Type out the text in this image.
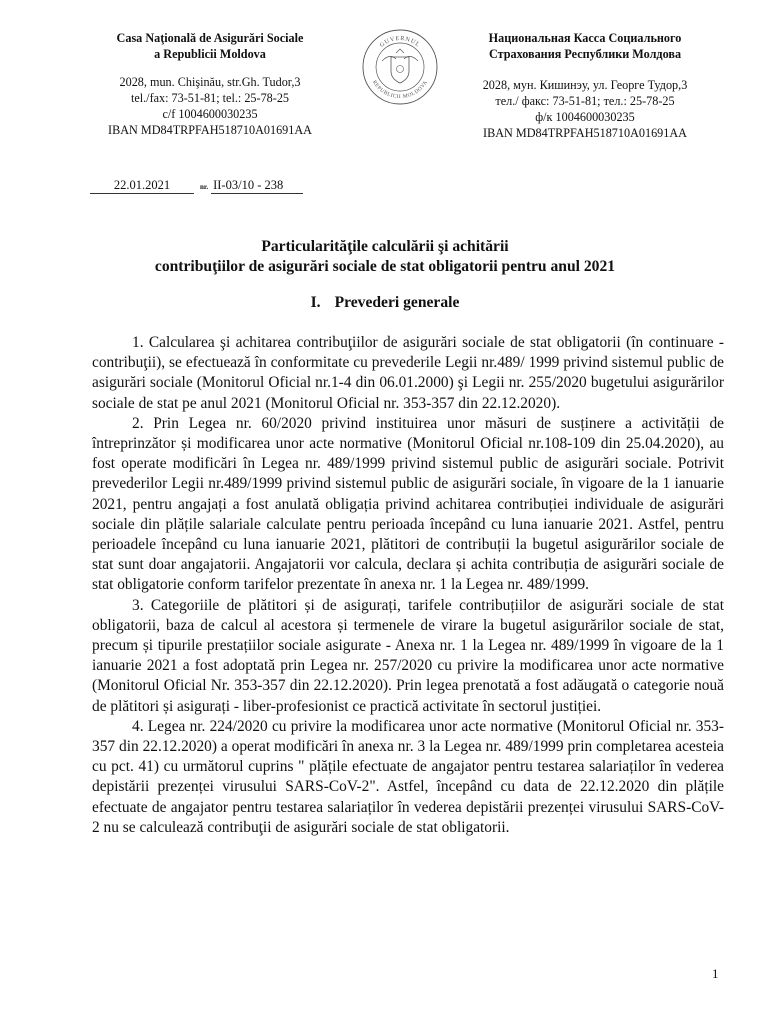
Casa Naţională de Asigurări Sociale
a Republicii Moldova
2028, mun. Chişinău, str.Gh. Tudor,3
tel./fax: 73-51-81; tel.: 25-78-25
c/f 1004600030235
IBAN MD84TRPFAH518710A01691AA
GUVERNUL
REPUBLICII MOLDOVA
Национальная Касса Социального
Страхования Республики Молдова
2028, мун. Кишинэу, ул. Георге Тудор,3
тел./ факс: 73-51-81; тел.: 25-78-25
ф/к 1004600030235
IBAN MD84TRPFAH518710A01691AA
22.01.2021	nr. II-03/10 - 238
Particularităţile calculării şi achitării
contribuţiilor de asigurări sociale de stat obligatorii pentru anul 2021
I. Prevederi generale

1. Calcularea şi achitarea contribuţiilor de asigurări sociale de stat obligatorii (în continuare - contribuţii), se efectuează în conformitate cu prevederile Legii nr.489/ 1999 privind sistemul public de asigurări sociale (Monitorul Oficial nr.1-4 din 06.01.2000) şi Legii nr. 255/2020 bugetului asigurărilor sociale de stat pe anul 2021 (Monitorul Oficial nr. 353-357 din 22.12.2020).

2. Prin Legea nr. 60/2020 privind instituirea unor măsuri de susținere a activității de întreprinzător și modificarea unor acte normative (Monitorul Oficial nr.108-109 din 25.04.2020), au fost operate modificări în Legea nr. 489/1999 privind sistemul public de asigurări sociale. Potrivit prevederilor Legii nr.489/1999 privind sistemul public de asigurări sociale, în vigoare de la 1 ianuarie 2021, pentru angajați a fost anulată obligația privind achitarea contribuției individuale de asigurări sociale din plățile salariale calculate pentru perioada începând cu luna ianuarie 2021. Astfel, pentru perioadele începând cu luna ianuarie 2021, plătitori de contribuții la bugetul asigurărilor sociale de stat sunt doar angajatorii. Angajatorii vor calcula, declara și achita contribuția de asigurări sociale de stat obligatorie conform tarifelor prezentate în anexa nr. 1 la Legea nr. 489/1999.

3. Categoriile de plătitori și de asigurați, tarifele contribuțiilor de asigurări sociale de stat obligatorii, baza de calcul al acestora și termenele de virare la bugetul asigurărilor sociale de stat, precum și tipurile prestațiilor sociale asigurate - Anexa nr. 1 la Legea nr. 489/1999 în vigoare de la 1 ianuarie 2021 a fost adoptată prin Legea nr. 257/2020 cu privire la modificarea unor acte normative (Monitorul Oficial Nr. 353-357 din 22.12.2020). Prin legea prenotată a fost adăugată o categorie nouă de plătitori și asigurați - liber-profesionist ce practică activitate în sectorul justiției.

4. Legea nr. 224/2020 cu privire la modificarea unor acte normative (Monitorul Oficial nr. 353-357 din 22.12.2020) a operat modificări în anexa nr. 3 la Legea nr. 489/1999 prin completarea acesteia cu pct. 41) cu următorul cuprins " plățile efectuate de angajator pentru testarea salariaților în vederea depistării prezenței virusului SARS-CoV-2". Astfel, începând cu data de 22.12.2020 din plățile efectuate de angajator pentru testarea salariaților în vederea depistării prezenței virusului SARS-CoV-2 nu se calculează contribuţii de asigurări sociale de stat obligatorii.

1
